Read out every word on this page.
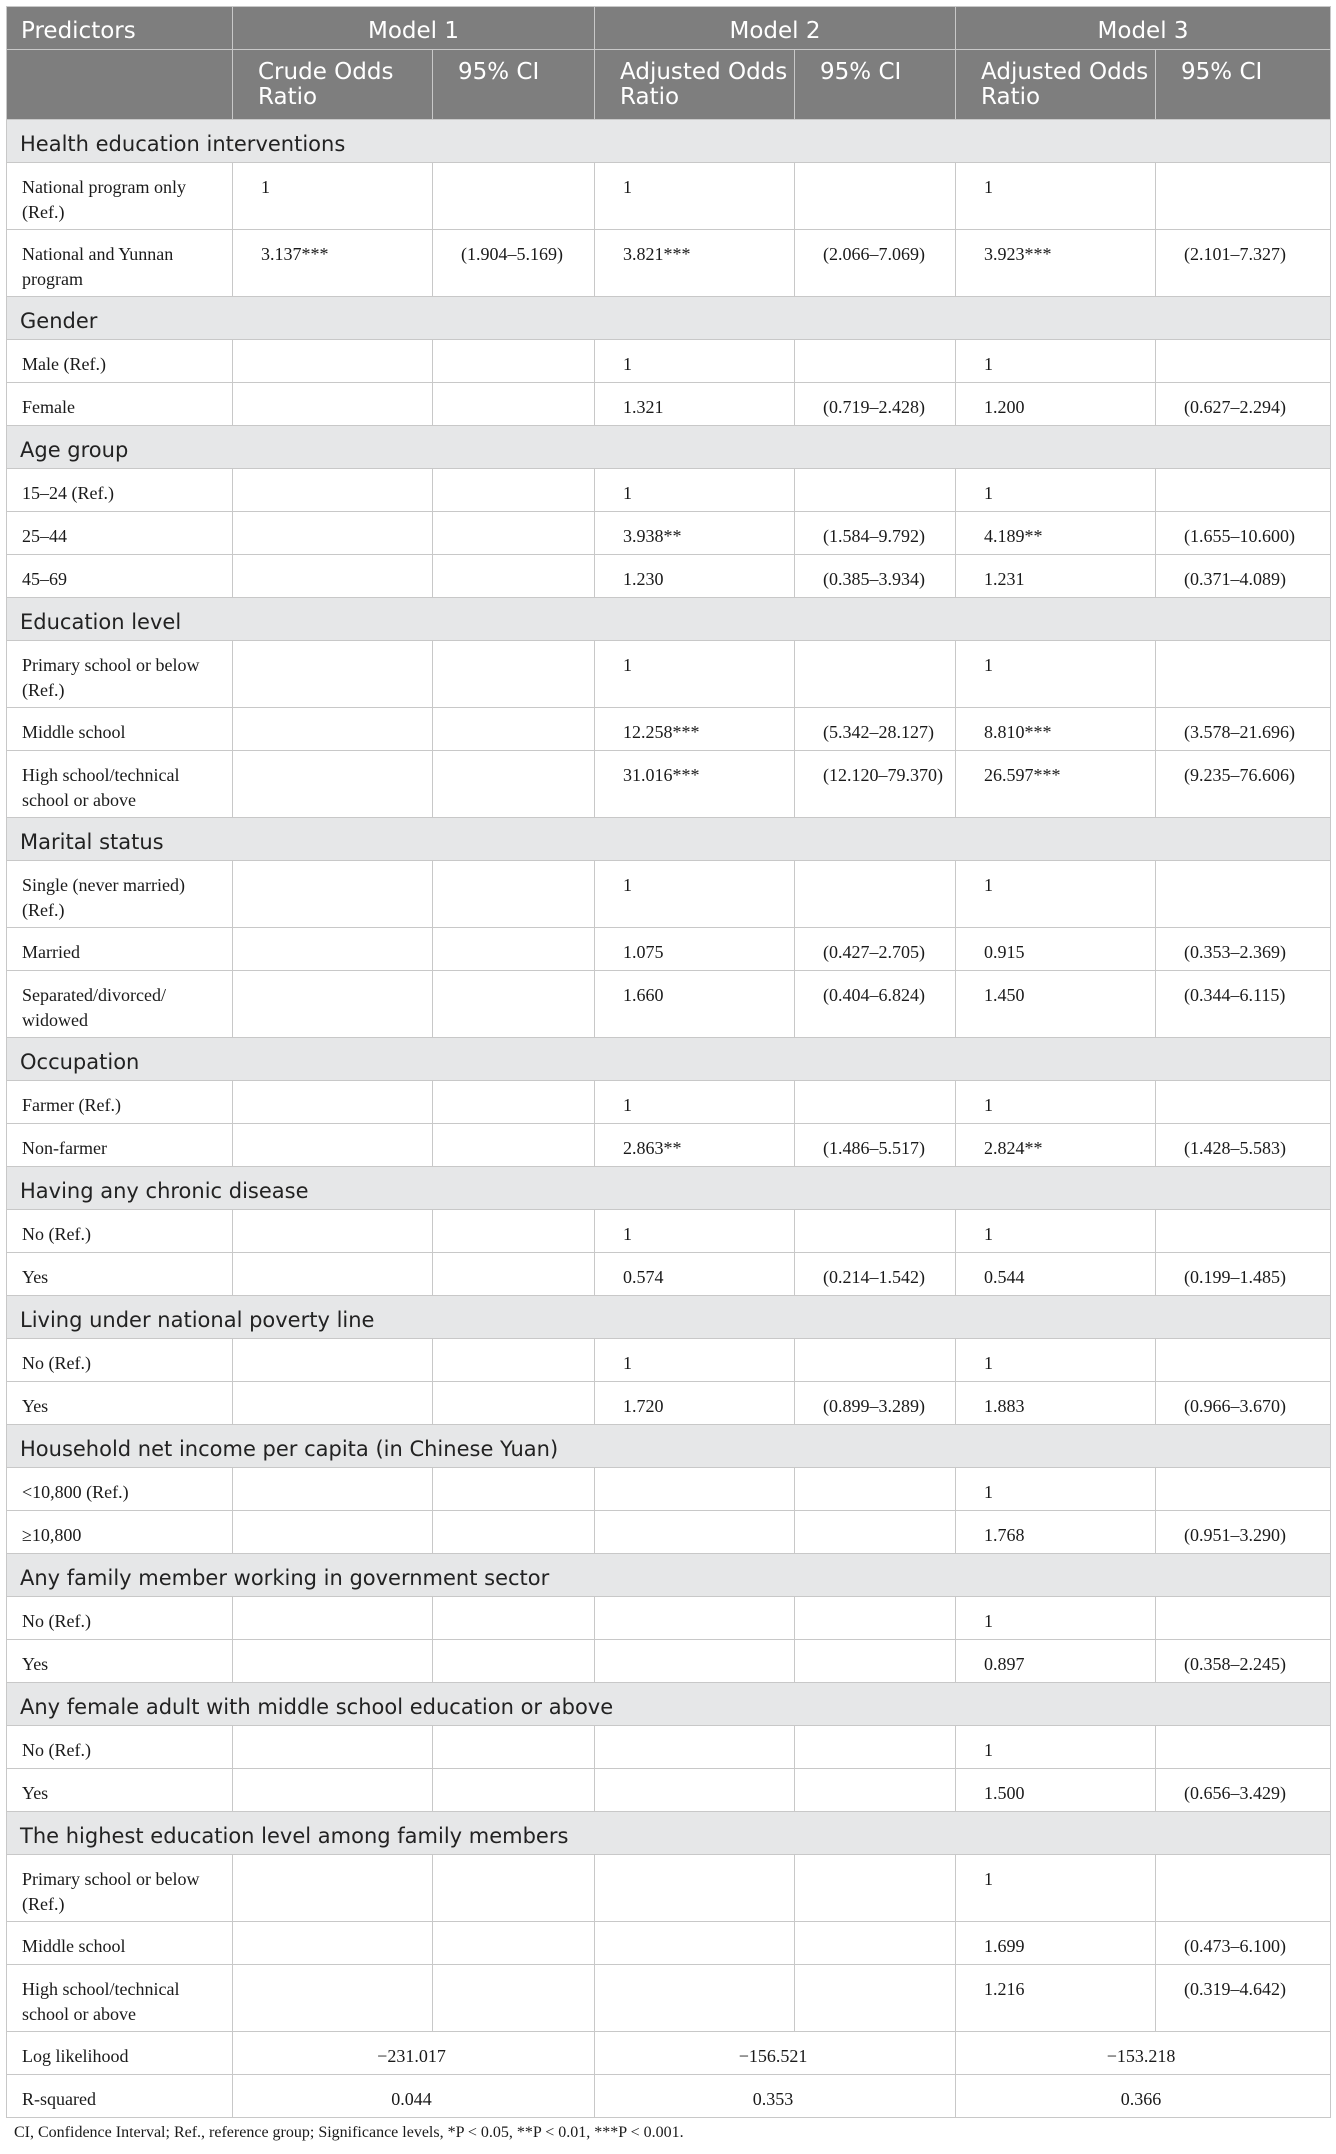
Predictors	Model 1		Model 2		Model 3	
	Crude Odds Ratio	95% CI	Adjusted Odds Ratio	95% CI	Adjusted Odds Ratio	95% CI
Health education interventions						
National program only (Ref.)	1		1		1	
National and Yunnan program	3.137***	(1.904–5.169)	3.821***	(2.066–7.069)	3.923***	(2.101–7.327)
Gender						
Male (Ref.)			1		1	
Female			1.321	(0.719–2.428)	1.200	(0.627–2.294)
Age group						
15–24 (Ref.)			1		1	
25–44			3.938**	(1.584–9.792)	4.189**	(1.655–10.600)
45–69			1.230	(0.385–3.934)	1.231	(0.371–4.089)
Education level						
Primary school or below (Ref.)			1		1	
Middle school			12.258***	(5.342–28.127)	8.810***	(3.578–21.696)
High school/technical school or above			31.016***	(12.120–79.370)	26.597***	(9.235–76.606)
Marital status						
Single (never married) (Ref.)			1		1	
Married			1.075	(0.427–2.705)	0.915	(0.353–2.369)
Separated/divorced/ widowed			1.660	(0.404–6.824)	1.450	(0.344–6.115)
Occupation						
Farmer (Ref.)			1		1	
Non-farmer			2.863**	(1.486–5.517)	2.824**	(1.428–5.583)
Having any chronic disease						
No (Ref.)			1		1	
Yes			0.574	(0.214–1.542)	0.544	(0.199–1.485)
Living under national poverty line						
No (Ref.)			1		1	
Yes			1.720	(0.899–3.289)	1.883	(0.966–3.670)
Household net income per capita (in Chinese Yuan)						
<10,800 (Ref.)					1	
≥10,800					1.768	(0.951–3.290)
Any family member working in government sector						
No (Ref.)					1	
Yes					0.897	(0.358–2.245)
Any female adult with middle school education or above						
No (Ref.)					1	
Yes					1.500	(0.656–3.429)
The highest education level among family members						
Primary school or below (Ref.)					1	
Middle school					1.699	(0.473–6.100)
High school/technical school or above					1.216	(0.319–4.642)
Log likelihood	−231.017		−156.521		−153.218	
R-squared	0.044		0.353		0.366	
CI, Confidence Interval; Ref., reference group; Significance levels, *P < 0.05, **P < 0.01, ***P < 0.001.
